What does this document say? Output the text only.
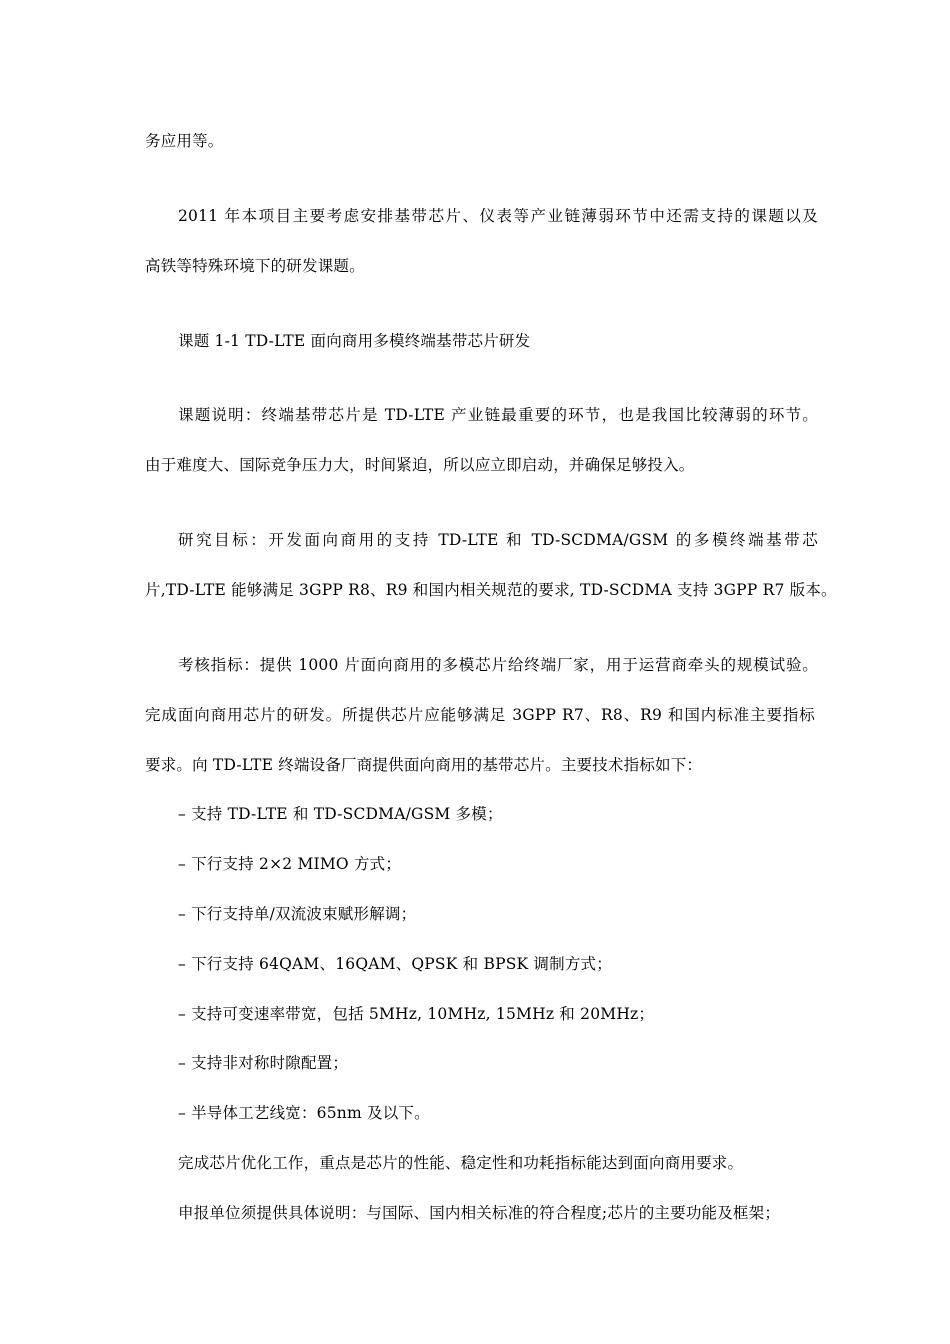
务应用等。
2011 年本项目主要考虑安排基带芯片、仪表等产业链薄弱环节中还需支持的课题以及
高铁等特殊环境下的研发课题。
课题 1-1 TD-LTE 面向商用多模终端基带芯片研发
课题说明：终端基带芯片是 TD-LTE 产业链最重要的环节，也是我国比较薄弱的环节。
由于难度大、国际竞争压力大，时间紧迫，所以应立即启动，并确保足够投入。
研究目标：开发面向商用的支持 TD-LTE 和 TD-SCDMA/GSM 的多模终端基带芯
片,TD-LTE 能够满足 3GPP R8、R9 和国内相关规范的要求, TD-SCDMA 支持 3GPP R7 版本。
考核指标：提供 1000 片面向商用的多模芯片给终端厂家，用于运营商牵头的规模试验。
完成面向商用芯片的研发。所提供芯片应能够满足 3GPP R7、R8、R9 和国内标准主要指标
要求。向 TD-LTE 终端设备厂商提供面向商用的基带芯片。主要技术指标如下：
– 支持 TD-LTE 和 TD-SCDMA/GSM 多模；
– 下行支持 2×2 MIMO 方式；
– 下行支持单/双流波束赋形解调；
– 下行支持 64QAM、16QAM、QPSK 和 BPSK 调制方式；
– 支持可变速率带宽，包括 5MHz, 10MHz, 15MHz 和 20MHz；
– 支持非对称时隙配置；
– 半导体工艺线宽：65nm 及以下。
完成芯片优化工作，重点是芯片的性能、稳定性和功耗指标能达到面向商用要求。
申报单位须提供具体说明：与国际、国内相关标准的符合程度;芯片的主要功能及框架；
